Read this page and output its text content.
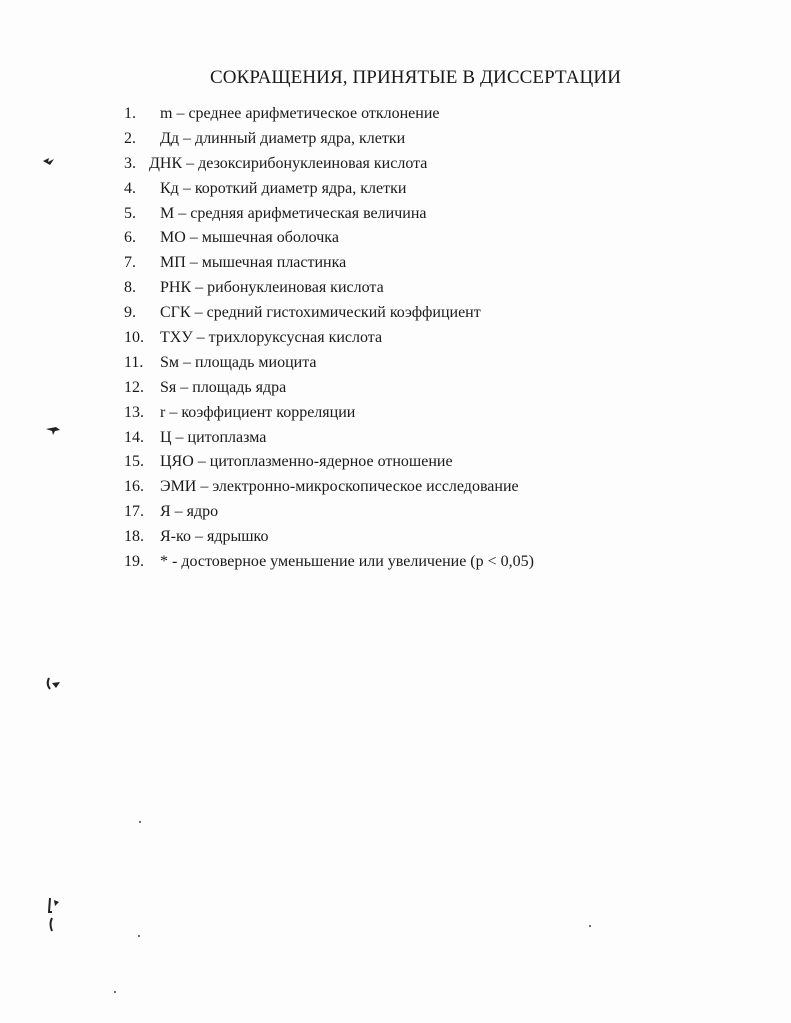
СОКРАЩЕНИЯ, ПРИНЯТЫЕ В ДИССЕРТАЦИИ
1. m – среднее арифметическое отклонение
2. Дд – длинный диаметр ядра, клетки
3. ДНК – дезоксирибонуклеиновая кислота
4. Кд – короткий диаметр ядра, клетки
5. М – средняя арифметическая величина
6. МО – мышечная оболочка
7. МП – мышечная пластинка
8. РНК – рибонуклеиновая кислота
9. СГК – средний гистохимический коэффициент
10. ТХУ – трихлоруксусная кислота
11. Sм – площадь миоцита
12. Sя – площадь ядра
13. r – коэффициент корреляции
14. Ц – цитоплазма
15. ЦЯО – цитоплазменно-ядерное отношение
16. ЭМИ – электронно-микроскопическое исследование
17. Я – ядро
18. Я-ко – ядрышко
19. * - достоверное уменьшение или увеличение (р < 0,05)
